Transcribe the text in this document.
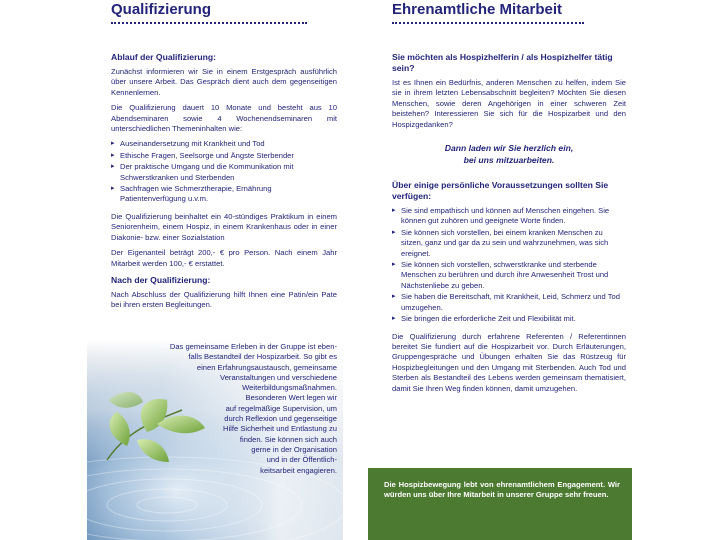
Qualifizierung
Ablauf der Qualifizierung:

Zunächst informieren wir Sie in einem Erstgespräch ausführlich über unsere Arbeit. Das Gespräch dient auch dem gegenseitigen Kennenlernen.

Die Qualifizierung dauert 10 Monate und besteht aus 10 Abendseminaren sowie 4 Wochenendseminaren mit unterschiedlichen Themeninhalten wie:

▸ Auseinandersetzung mit Krankheit und Tod
▸ Ethische Fragen, Seelsorge und Ängste Sterbender
▸ Der praktische Umgang und die Kommunikation mit Schwerstkranken und Sterbenden
▸ Sachfragen wie Schmerztherapie, Ernährung Patientenverfügung u.v.m.

Die Qualifizierung beinhaltet ein 40-stündiges Praktikum in einem Seniorenheim, einem Hospiz, in einem Krankenhaus oder in einer Diakonie- bzw. einer Sozialstation

Der Eigenanteil beträgt 200,- € pro Person. Nach einem Jahr Mitarbeit werden 100,- € erstattet.

Nach der Qualifizierung:

Nach Abschluss der Qualifizierung hilft Ihnen eine Patin/ein Pate bei ihren ersten Begleitungen.

Das gemeinsame Erleben in der Gruppe ist eben-
falls Bestandteil der Hospizarbeit. So gibt es
einen Erfahrungsaustausch, gemeinsame
Veranstaltungen und verschiedene
Weiterbildungsmaßnahmen.
Besonderen Wert legen wir
auf regelmäßige Supervision, um
durch Reflexion und gegenseitige
Hilfe Sicherheit und Entlastung zu
finden. Sie können sich auch
gerne in der Organisation
und in der Öffentlich-
keitsarbeit engagieren.
Ehrenamtliche Mitarbeit
Sie möchten als Hospizhelferin / als Hospizhelfer tätig sein?

Ist es Ihnen ein Bedürfnis, anderen Menschen zu helfen, indem Sie sie in ihrem letzten Lebensabschnitt begleiten? Möchten Sie diesen Menschen, sowie deren Angehörigen in einer schweren Zeit beistehen? Interessieren Sie sich für die Hospizarbeit und den Hospizgedanken?

Dann laden wir Sie herzlich ein,
bei uns mitzuarbeiten.
Über einige persönliche Voraussetzungen sollten Sie verfügen:
▸ Sie sind empathisch und können auf Menschen eingehen. Sie können gut zuhören und geeignete Worte finden.
▸ Sie können sich vorstellen, bei einem kranken Menschen zu sitzen, ganz und gar da zu sein und wahrzunehmen, was sich ereignet.
▸ Sie können sich vorstellen, schwerstkranke und sterbende Menschen zu berühren und durch ihre Anwesenheit Trost und Nächstenliebe zu geben.
▸ Sie haben die Bereitschaft, mit Krankheit, Leid, Schmerz und Tod umzugehen.
▸ Sie bringen die erforderliche Zeit und Flexibilität mit.

Die Qualifizierung durch erfahrene Referenten / Referentinnen bereitet Sie fundiert auf die Hospizarbeit vor. Durch Erläuterungen, Gruppengespräche und Übungen erhalten Sie das Rüstzeug für Hospizbegleitungen und den Umgang mit Sterbenden. Auch Tod und Sterben als Bestandteil des Lebens werden gemeinsam thematisiert, damit Sie Ihren Weg finden können, damit umzugehen.

Die Hospizbewegung lebt von ehrenamtlichem Engagement. Wir würden uns über Ihre Mitarbeit in unserer Gruppe sehr freuen.
